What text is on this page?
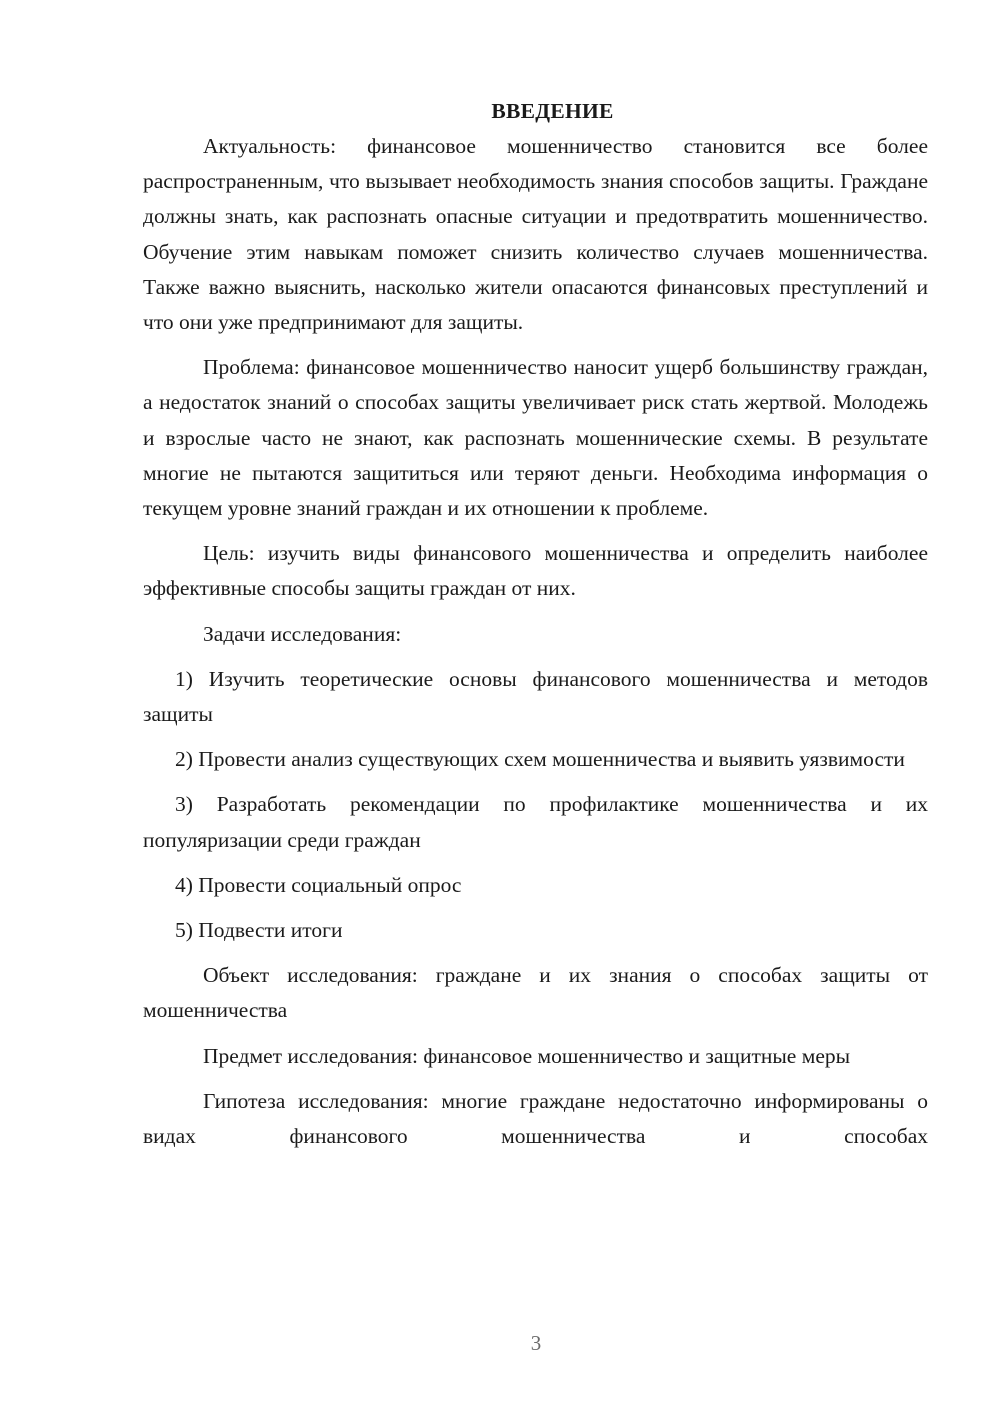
ВВЕДЕНИЕ

Актуальность: финансовое мошенничество становится все более распространенным, что вызывает необходимость знания способов защиты. Граждане должны знать, как распознать опасные ситуации и предотвратить мошенничество. Обучение этим навыкам поможет снизить количество случаев мошенничества. Также важно выяснить, насколько жители опасаются финансовых преступлений и что они уже предпринимают для защиты.

Проблема: финансовое мошенничество наносит ущерб большинству граждан, а недостаток знаний о способах защиты увеличивает риск стать жертвой. Молодежь и взрослые часто не знают, как распознать мошеннические схемы. В результате многие не пытаются защититься или теряют деньги. Необходима информация о текущем уровне знаний граждан и их отношении к проблеме.

Цель: изучить виды финансового мошенничества и определить наиболее эффективные способы защиты граждан от них.

Задачи исследования:

1) Изучить теоретические основы финансового мошенничества и методов защиты

2) Провести анализ существующих схем мошенничества и выявить уязвимости

3) Разработать рекомендации по профилактике мошенничества и их популяризации среди граждан

4) Провести социальный опрос

5) Подвести итоги

Объект исследования: граждане и их знания о способах защиты от мошенничества

Предмет исследования: финансовое мошенничество и защитные меры

Гипотеза исследования: многие граждане недостаточно информированы о видах финансового мошенничества и способах

3
